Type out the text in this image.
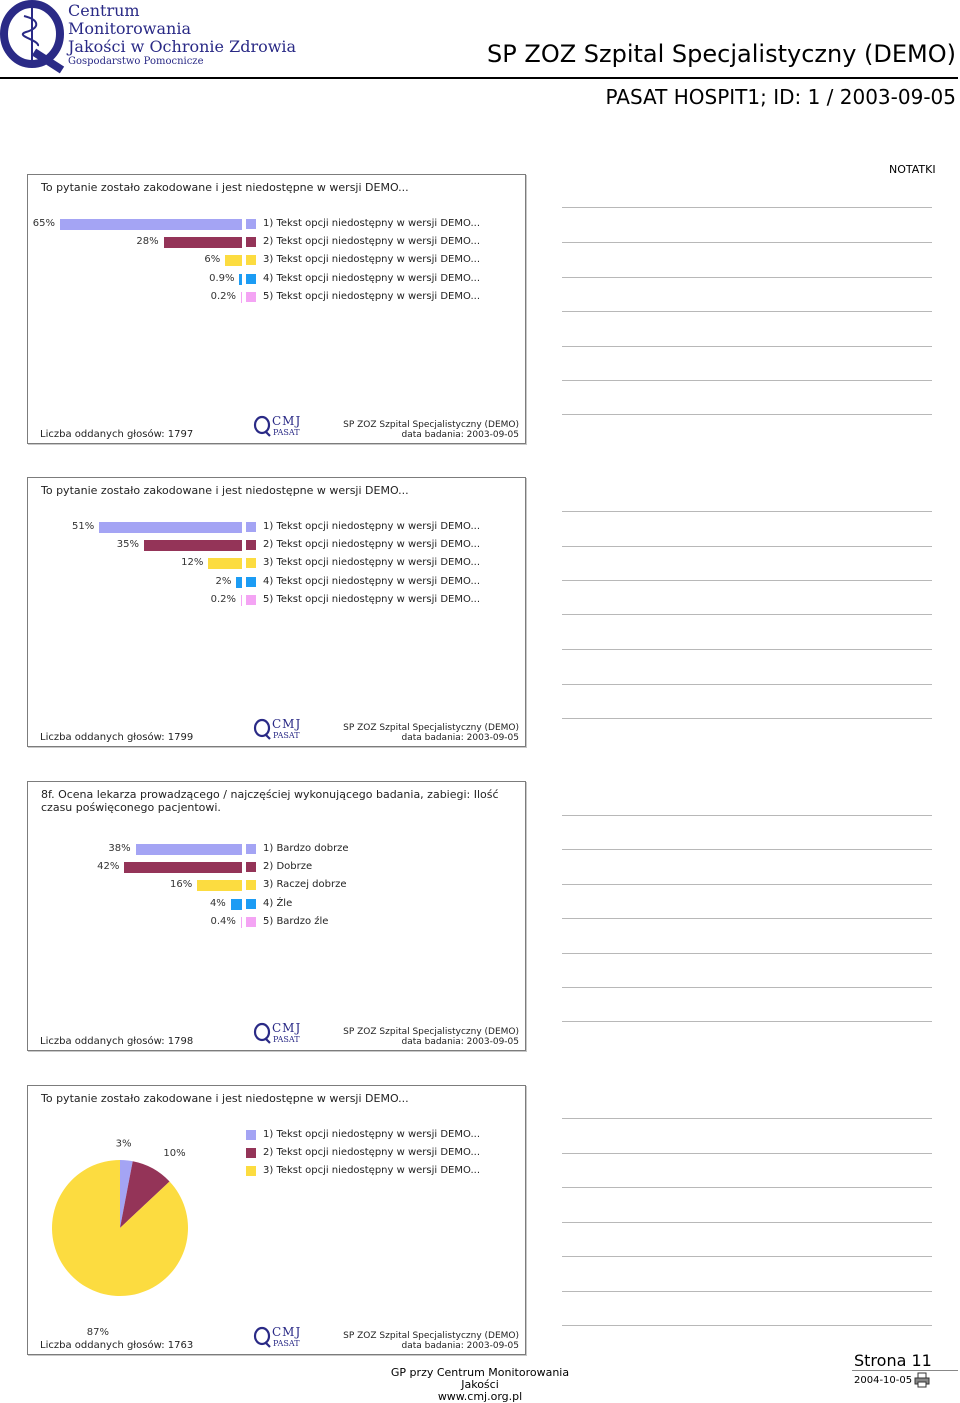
Centrum
Monitorowania
Jakości w Ochronie Zdrowia
Gospodarstwo Pomocnicze	SP ZOZ Szpital Specjalistyczny (DEMO)
PASAT HOSPIT1; ID: 1 / 2003-09-05
NOTATKI
To pytanie zostało zakodowane i jest niedostępne w wersji DEMO...
65%	1) Tekst opcji niedostępny w wersji DEMO...
28%	2) Tekst opcji niedostępny w wersji DEMO...
6%	3) Tekst opcji niedostępny w wersji DEMO...
0.9%	4) Tekst opcji niedostępny w wersji DEMO...
0.2%	5) Tekst opcji niedostępny w wersji DEMO...
Liczba oddanych głosów: 1797
CMJ
PASAT
SP ZOZ Szpital Specjalistyczny (DEMO)
data badania: 2003-09-05
To pytanie zostało zakodowane i jest niedostępne w wersji DEMO...
51%	1) Tekst opcji niedostępny w wersji DEMO...
35%	2) Tekst opcji niedostępny w wersji DEMO...
12%	3) Tekst opcji niedostępny w wersji DEMO...
2%	4) Tekst opcji niedostępny w wersji DEMO...
0.2%	5) Tekst opcji niedostępny w wersji DEMO...
Liczba oddanych głosów: 1799
CMJ
PASAT
SP ZOZ Szpital Specjalistyczny (DEMO)
data badania: 2003-09-05
8f. Ocena lekarza prowadzącego / najczęściej wykonującego badania, zabiegi: Ilość czasu poświęconego pacjentowi.
38%	1) Bardzo dobrze
42%	2) Dobrze
16%	3) Raczej dobrze
4%	4) Źle
0.4%	5) Bardzo źle
Liczba oddanych głosów: 1798
CMJ
PASAT
SP ZOZ Szpital Specjalistyczny (DEMO)
data badania: 2003-09-05
To pytanie zostało zakodowane i jest niedostępne w wersji DEMO...
3%
10%
87%
1) Tekst opcji niedostępny w wersji DEMO...
2) Tekst opcji niedostępny w wersji DEMO...
3) Tekst opcji niedostępny w wersji DEMO...
Liczba oddanych głosów: 1763
CMJ
PASAT
SP ZOZ Szpital Specjalistyczny (DEMO)
data badania: 2003-09-05
GP przy Centrum Monitorowania Jakości
www.cmj.org.pl
Strona 11
2004-10-05
